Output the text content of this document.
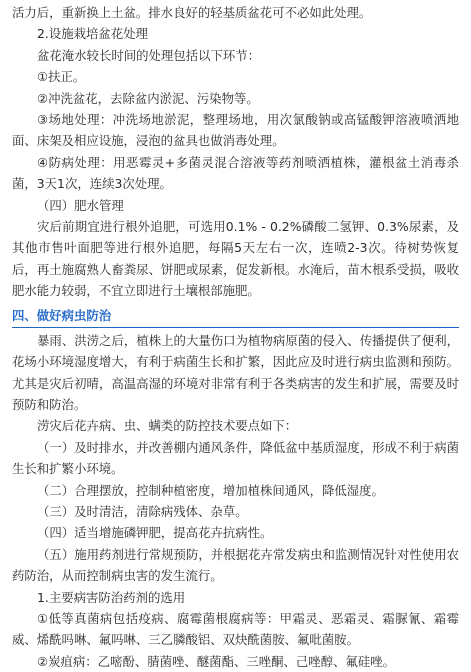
活力后，重新换上土盆。排水良好的轻基质盆花可不必如此处理。

2.设施栽培盆花处理

盆花淹水较长时间的处理包括以下环节：

①扶正。

②冲洗盆花，去除盆内淤泥、污染物等。

③场地处理：冲洗场地淤泥，整理场地，用次氯酸钠或高锰酸钾溶液喷洒地面、床架及相应设施，浸泡的盆具也做消毒处理。

④防病处理：用恶霉灵+多菌灵混合溶液等药剂喷洒植株，灌根盆土消毒杀菌，3天1次，连续3次处理。

（四）肥水管理

灾后前期宜进行根外追肥，可选用0.1% - 0.2%磷酸二氢钾、0.3%尿素，及其他市售叶面肥等进行根外追肥，每隔5天左右一次，连喷2-3次。待树势恢复后，再土施腐熟人畜粪尿、饼肥或尿素，促发新根。水淹后，苗木根系受损，吸收肥水能力较弱，不宜立即进行土壤根部施肥。

四、做好病虫防治

暴雨、洪涝之后，植株上的大量伤口为植物病原菌的侵入、传播提供了便利，花场小环境湿度增大，有利于病菌生长和扩繁，因此应及时进行病虫监测和预防。尤其是灾后初晴，高温高湿的环境对非常有利于各类病害的发生和扩展，需要及时预防和防治。

涝灾后花卉病、虫、螨类的防控技术要点如下：

（一）及时排水，并改善棚内通风条件，降低盆中基质湿度，形成不利于病菌生长和扩繁小环境。

（二）合理摆放，控制种植密度，增加植株间通风，降低湿度。

（三）及时清洁，清除病残体、杂草。

（四）适当增施磷钾肥，提高花卉抗病性。

（五）施用药剂进行常规预防，并根据花卉常发病虫和监测情况针对性使用农药防治，从而控制病虫害的发生流行。

1.主要病害防治药剂的选用

①低等真菌病包括疫病、腐霉菌根腐病等：甲霜灵、恶霜灵、霜脲氰、霜霉威、烯酰吗啉、氟吗啉、三乙膦酸铝、双炔酰菌胺、氟吡菌胺。

②炭疽病：乙嘧酚、腈菌唑、醚菌酯、三唑酮、己唑醇、氟硅唑。
